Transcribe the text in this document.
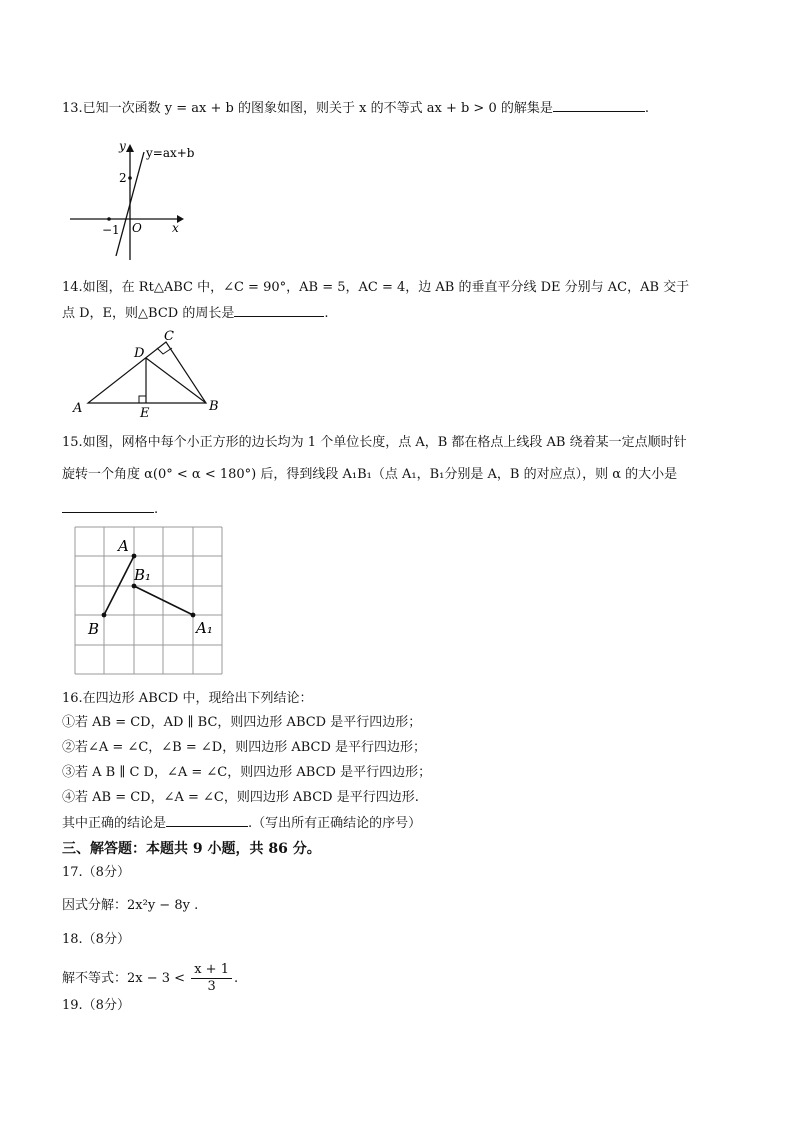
13.已知一次函数 y = ax + b 的图象如图，则关于 x 的不等式 ax + b > 0 的解集是	.
y
x
O
y=ax+b
2
−1
14.如图，在 Rt△ABC 中，∠C = 90°，AB = 5，AC = 4，边 AB 的垂直平分线 DE 分别与 AC，AB 交于
点 D，E，则△BCD 的周长是	.
A	B
C
D
E
15.如图，网格中每个小正方形的边长均为 1 个单位长度，点 A，B 都在格点上线段 AB 绕着某一定点顺时针
旋转一个角度 α(0° < α < 180°) 后，得到线段 A₁B₁（点 A₁，B₁分别是 A，B 的对应点），则 α 的大小是
.
A
B
B₁
A₁
16.在四边形 ABCD 中，现给出下列结论：
①若 AB = CD，AD ∥ BC，则四边形 ABCD 是平行四边形；
②若∠A = ∠C，∠B = ∠D，则四边形 ABCD 是平行四边形；
③若 A B ∥ C D，∠A = ∠C，则四边形 ABCD 是平行四边形；
④若 AB = CD，∠A = ∠C，则四边形 ABCD 是平行四边形.
其中正确的结论是	.（写出所有正确结论的序号）
三、解答题：本题共 9 小题，共 86 分。
17.（8分）
因式分解：2x²y − 8y .
18.（8分）
解不等式：$2x - 3 < \frac{x + 1}{3}$ .
19.（8分）
